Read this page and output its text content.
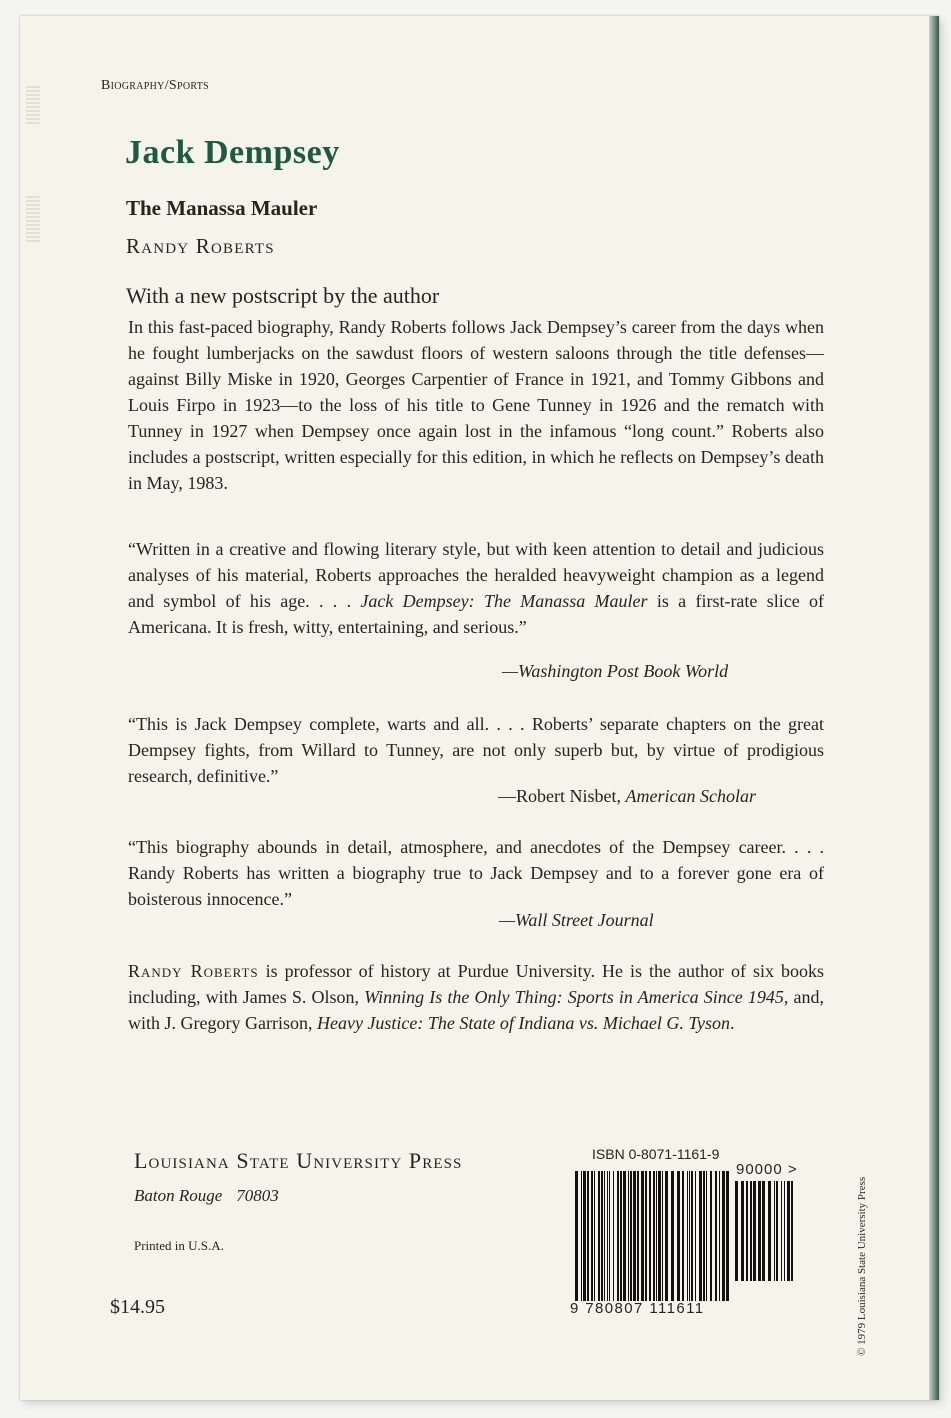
Biography/Sports
Jack Dempsey
The Manassa Mauler
Randy Roberts
With a new postscript by the author
In this fast-paced biography, Randy Roberts follows Jack Dempsey’s career from the days when he fought lumberjacks on the sawdust floors of western saloons through the title defenses—against Billy Miske in 1920, Georges Carpentier of France in 1921, and Tommy Gibbons and Louis Firpo in 1923—to the loss of his title to Gene Tunney in 1926 and the rematch with Tunney in 1927 when Dempsey once again lost in the infamous “long count.” Roberts also includes a postscript, written especially for this edition, in which he reflects on Dempsey’s death in May, 1983.
“Written in a creative and flowing literary style, but with keen attention to detail and judicious analyses of his material, Roberts approaches the heralded heavyweight champion as a legend and symbol of his age. . . . Jack Dempsey: The Manassa Mauler is a first-rate slice of Americana. It is fresh, witty, entertaining, and serious.”
—Washington Post Book World
“This is Jack Dempsey complete, warts and all. . . . Roberts’ separate chapters on the great Dempsey fights, from Willard to Tunney, are not only superb but, by virtue of prodigious research, definitive.”
—Robert Nisbet, American Scholar
“This biography abounds in detail, atmosphere, and anecdotes of the Dempsey career. . . . Randy Roberts has written a biography true to Jack Dempsey and to a forever gone era of boisterous innocence.”
—Wall Street Journal
Randy Roberts is professor of history at Purdue University. He is the author of six books including, with James S. Olson, Winning Is the Only Thing: Sports in America Since 1945, and, with J. Gregory Garrison, Heavy Justice: The State of Indiana vs. Michael G. Tyson.
Louisiana State University Press
Baton Rouge 70803
Printed in U.S.A.
$14.95
ISBN 0-8071-1161-9
90000 >
9 780807 111611	© 1979 Louisiana State University Press
